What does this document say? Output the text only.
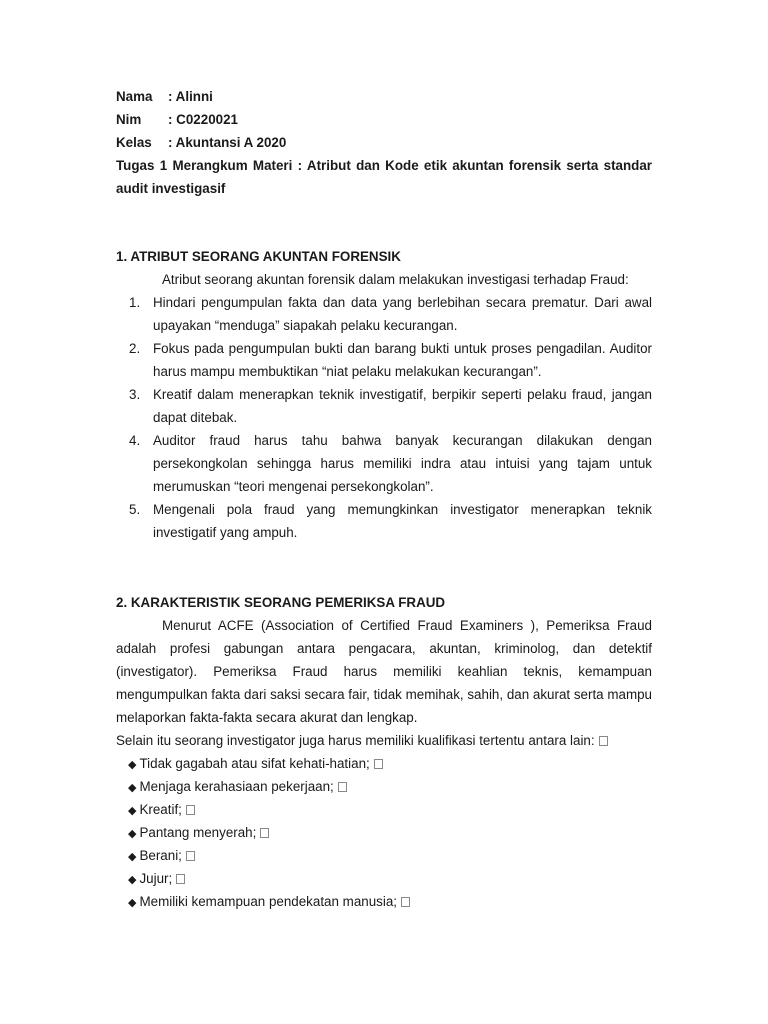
Nama : Alinni
Nim : C0220021
Kelas : Akuntansi A 2020
Tugas 1 Merangkum Materi : Atribut dan Kode etik akuntan forensik serta standar audit investigasif
1. ATRIBUT SEORANG AKUNTAN FORENSIK
Atribut seorang akuntan forensik dalam melakukan investigasi terhadap Fraud:
1. Hindari pengumpulan fakta dan data yang berlebihan secara prematur. Dari awal upayakan “menduga” siapakah pelaku kecurangan.
2. Fokus pada pengumpulan bukti dan barang bukti untuk proses pengadilan. Auditor harus mampu membuktikan “niat pelaku melakukan kecurangan”.
3. Kreatif dalam menerapkan teknik investigatif, berpikir seperti pelaku fraud, jangan dapat ditebak.
4. Auditor fraud harus tahu bahwa banyak kecurangan dilakukan dengan persekongkolan sehingga harus memiliki indra atau intuisi yang tajam untuk merumuskan “teori mengenai persekongkolan”.
5. Mengenali pola fraud yang memungkinkan investigator menerapkan teknik investigatif yang ampuh.
2. KARAKTERISTIK SEORANG PEMERIKSA FRAUD
Menurut ACFE (Association of Certified Fraud Examiners ), Pemeriksa Fraud adalah profesi gabungan antara pengacara, akuntan, kriminolog, dan detektif (investigator). Pemeriksa Fraud harus memiliki keahlian teknis, kemampuan mengumpulkan fakta dari saksi secara fair, tidak memihak, sahih, dan akurat serta mampu melaporkan fakta-fakta secara akurat dan lengkap.
Selain itu seorang investigator juga harus memiliki kualifikasi tertentu antara lain:
◆ Tidak gagabah atau sifat kehati-hatian;
◆ Menjaga kerahasiaan pekerjaan;
◆ Kreatif;
◆ Pantang menyerah;
◆ Berani;
◆ Jujur;
◆ Memiliki kemampuan pendekatan manusia;
